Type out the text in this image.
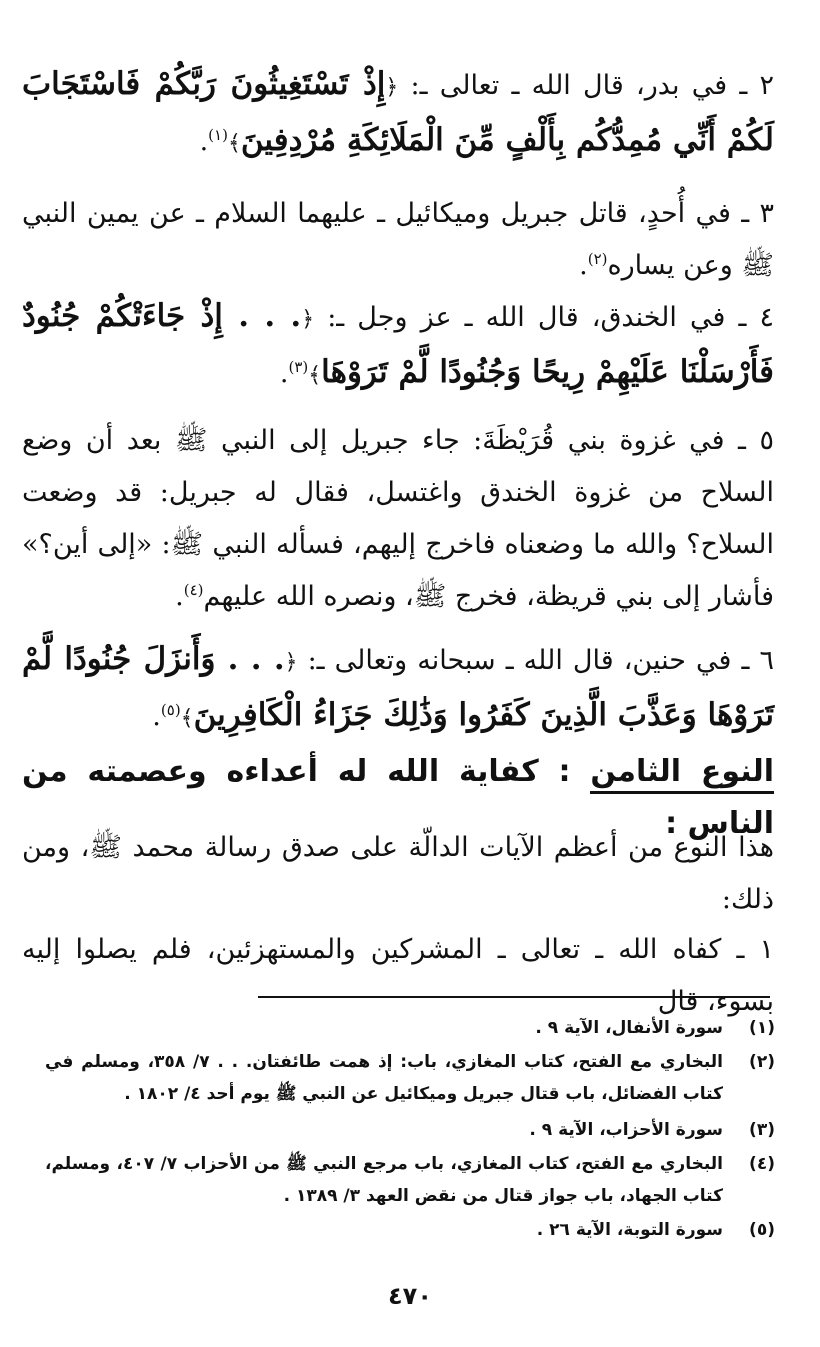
٢ ـ في بدر، قال الله ـ تعالى ـ: ﴿إِذْ تَسْتَغِيثُونَ رَبَّكُمْ فَاسْتَجَابَ لَكُمْ أَنِّي مُمِدُّكُم بِأَلْفٍ مِّنَ الْمَلَائِكَةِ مُرْدِفِينَ﴾$^{(١)}$.
٣ ـ في أُحدٍ، قاتل جبريل وميكائيل ـ عليهما السلام ـ عن يمين النبي ﷺ وعن يساره$^{(٢)}$.
٤ ـ في الخندق، قال الله ـ عز وجل ـ: ﴿. . . إِذْ جَاءَتْكُمْ جُنُودٌ فَأَرْسَلْنَا عَلَيْهِمْ رِيحًا وَجُنُودًا لَّمْ تَرَوْهَا﴾$^{(٣)}$.
٥ ـ في غزوة بني قُرَيْظَةَ: جاء جبريل إلى النبي ﷺ بعد أن وضع السلاح من غزوة الخندق واغتسل، فقال له جبريل: قد وضعت السلاح؟ والله ما وضعناه فاخرج إليهم، فسأله النبي ﷺ: «إلى أين؟» فأشار إلى بني قريظة، فخرج ﷺ، ونصره الله عليهم$^{(٤)}$.
٦ ـ في حنين، قال الله ـ سبحانه وتعالى ـ: ﴿. . . وَأَنزَلَ جُنُودًا لَّمْ تَرَوْهَا وَعَذَّبَ الَّذِينَ كَفَرُوا وَذَٰلِكَ جَزَاءُ الْكَافِرِينَ﴾$^{(٥)}$.
النوع الثامن : كفاية الله له أعداءه وعصمته من الناس :
هذا النوع من أعظم الآيات الدالّة على صدق رسالة محمد ﷺ، ومن ذلك:
١ ـ كفاه الله ـ تعالى ـ المشركين والمستهزئين، فلم يصلوا إليه بسوء، قال
(١)
سورة الأنفال، الآية ٩ .
(٢)
البخاري مع الفتح، كتاب المغازي، باب: إذ همت طائفتان. . . ٧/ ٣٥٨، ومسلم في كتاب الفضائل، باب قتال جبريل وميكائيل عن النبي ﷺ يوم أحد ٤/ ١٨٠٢ .
(٣)
سورة الأحزاب، الآية ٩ .
(٤)
البخاري مع الفتح، كتاب المغازي، باب مرجع النبي ﷺ من الأحزاب ٧/ ٤٠٧، ومسلم، كتاب الجهاد، باب جواز قتال من نقض العهد ٣/ ١٣٨٩ .
(٥)
سورة التوبة، الآية ٢٦ .
٤٧٠
